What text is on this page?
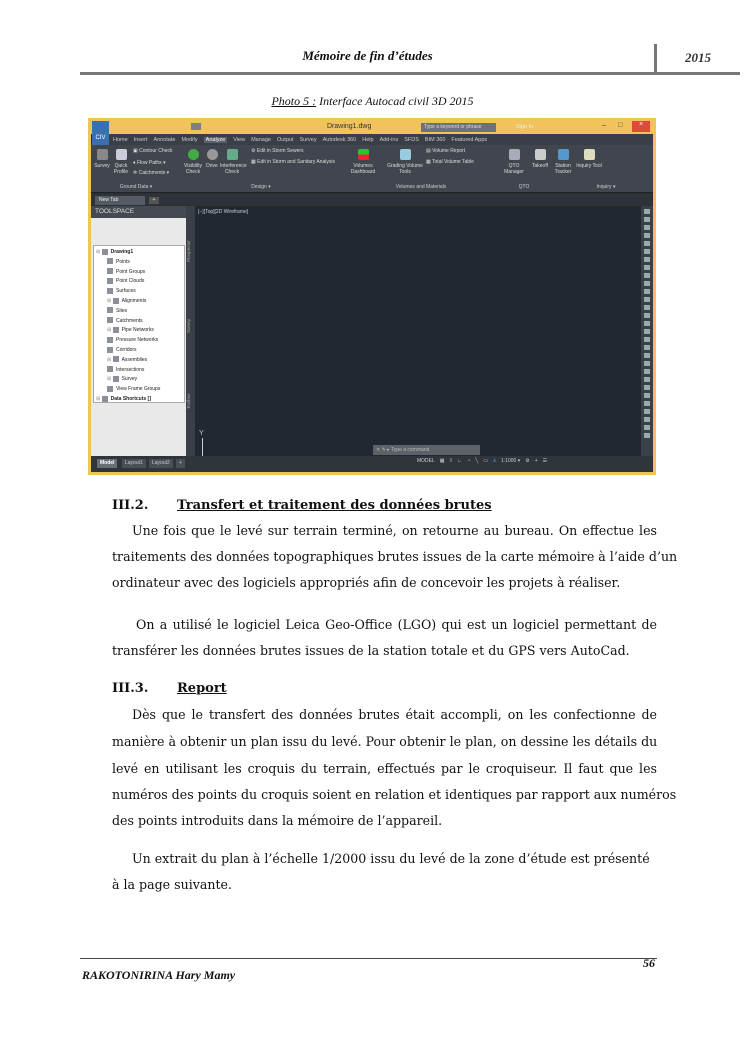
Mémoire de fin d’études	2015
Photo 5 : Interface Autocad civil 3D 2015
Drawing1.dwg	Type a keyword or phrase	Sign In	– □	×
CIV	Home Insert Annotate Modify	Analyze	View Manage Output Survey Autodesk 360 Help Add-ins SFDS BIM 360 Featured Apps

Survey Quick Profile
▣ Contour Check
♦ Flow Paths ▾
✲ Catchments ▾

Visibility Check

Drive Interference Check
⚙ Edit in Storm Sewers
▦ Edit in Storm and Sanitary Analysis

Volumes Dashboard

Grading Volume Tools
▤ Volume Report
▦ Total Volume Table

QTO Manager

Takeoff	Station Tracker

Inquiry Tool
Ground Data ▾	Design ▾	Volumes and Materials	QTO	Inquiry ▾
New Tab	+
TOOLSPACE
⊞ Drawing1
Points
Point Groups
Point Clouds
Surfaces
⊞ Alignments
Sites
Catchments
⊞ Pipe Networks
Pressure Networks
Corridors
⊞ Assemblies
Intersections
⊞ Survey
View Frame Groups
⊞ Data Shortcuts []
Prospector
Survey
Toolbox
[−][Top][2D Wireframe]
Y
✕ ✎ ▸ Type a command
Model	Layout1	Layout2	+	MODEL ▦ ⁞⁞ ∟ ◔ ╲ ▭ ⅄ 1:1000 ▾ ⚙ + ☰
III.2. Transfert et traitement des données brutes
Une fois que le levé sur terrain terminé, on retourne au bureau. On effectue les
traitements des données topographiques brutes issues de la carte mémoire à l’aide d’un
ordinateur avec des logiciels appropriés afin de concevoir les projets à réaliser.
On a utilisé le logiciel Leica Geo-Office (LGO) qui est un logiciel permettant de
transférer les données brutes issues de la station totale et du GPS vers AutoCad.
III.3. Report
Dès que le transfert des données brutes était accompli, on les confectionne de
manière à obtenir un plan issu du levé. Pour obtenir le plan, on dessine les détails du
levé en utilisant les croquis du terrain, effectués par le croquiseur. Il faut que les
numéros des points du croquis soient en relation et identiques par rapport aux numéros
des points introduits dans la mémoire de l’appareil.
Un extrait du plan à l’échelle 1/2000 issu du levé de la zone d’étude est présenté
à la page suivante.
56
RAKOTONIRINA Hary Mamy
